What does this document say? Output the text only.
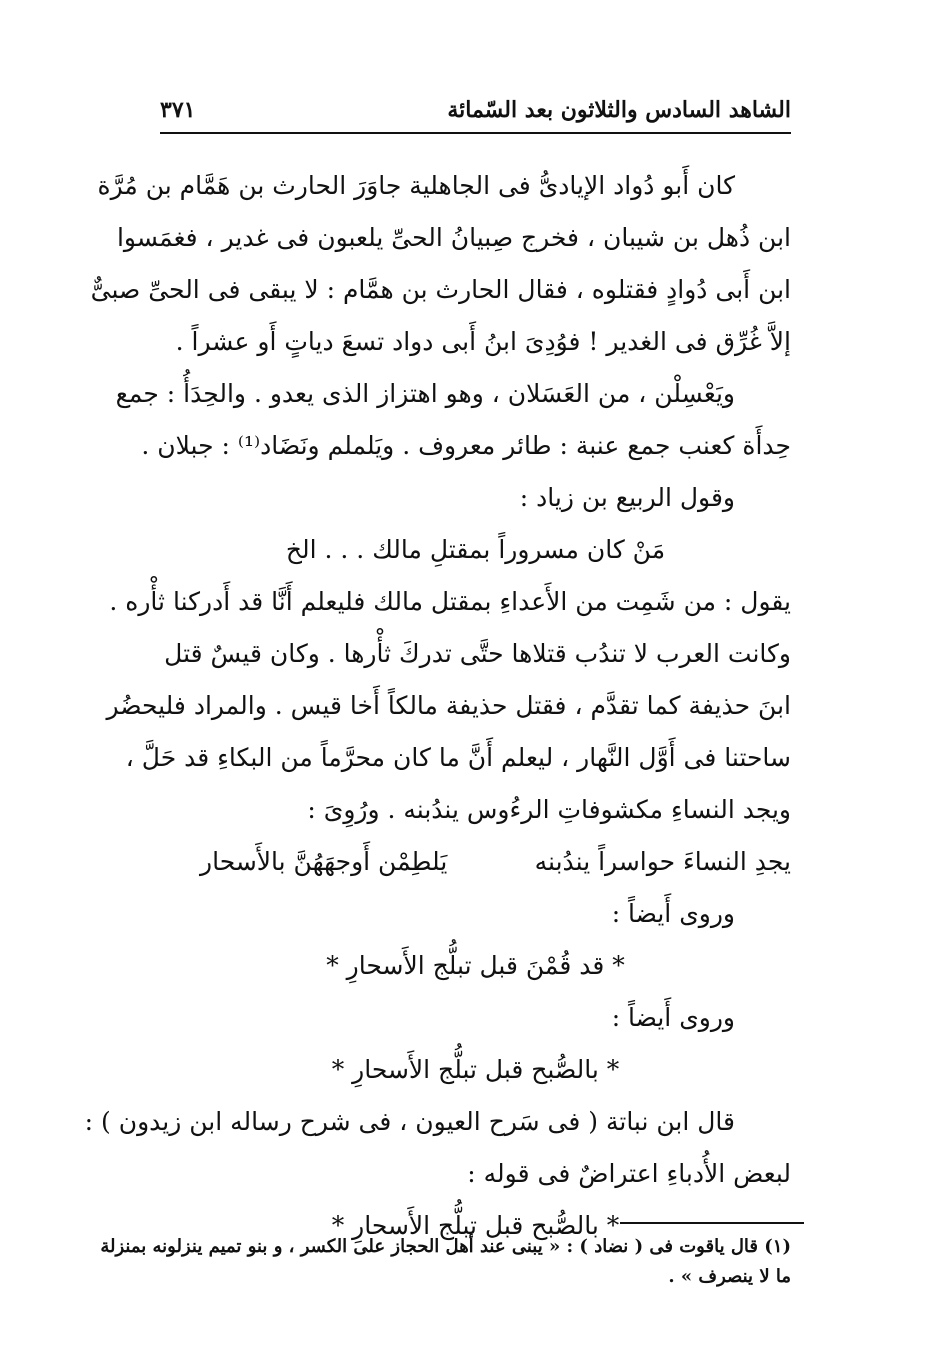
الشاهد السادس والثلاثون بعد السّمائة
٣٧١
كان أَبو دُواد الإيادىُّ فى الجاهلية جاوَرَ الحارث بن هَمَّام بن مُرَّة
ابن ذُهل بن شيبان ، فخرج صِبيانُ الحىِّ يلعبون فى غدير ، فغمَسوا
ابن أَبى دُوادٍ فقتلوه ، فقال الحارث بن همَّام : لا يبقى فى الحىِّ صبىٌّ
إلاَّ غُرِّق فى الغدير ! فوُدِىَ ابنُ أَبى دواد تسعَ دياتٍ أَو عشراً .
ويَعْسِلْن ، من العَسَلان ، وهو اهتزاز الذى يعدو . والحِدَأُ : جمع
حِدأَة كعنب جمع عنبة : طائر معروف . ويَلملم ونَضَاد⁽¹⁾ : جبلان .
وقول الربيع بن زياد :
مَنْ كان مسروراً بمقتلِ مالك . . . الخ
يقول : من شَمِت من الأَعداءِ بمقتل مالك فليعلم أَنَّا قد أَدركنا ثأْره .
وكانت العرب لا تندُب قتلاها حتَّى تدركَ ثأْرها . وكان قيسٌ قتل
ابنَ حذيفة كما تقدَّم ، فقتل حذيفة مالكاً أَخا قيس . والمراد فليحضُر
ساحتنا فى أَوَّل النَّهار ، ليعلم أَنَّ ما كان محرَّماً من البكاءِ قد حَلَّ ،
ويجد النساءِ مكشوفاتِ الرءُوس يندُبنه . ورُوِىَ :
يجدِ النساءَ حواسراً يندُبنه
يَلطِمْن أَوجهَهُنَّ بالأَسحار
وروى أَيضاً :
* قد قُمْنَ قبل تبلُّج الأَسحارِ *
وروى أَيضاً :
* بالصُّبح قبل تبلُّج الأَسحارِ *
قال ابن نباتة ( فى سَرح العيون ، فى شرح رساله ابن زيدون ) :
لبعض الأُدباءِ اعتراضٌ فى قوله :
* بالصُّبح قبل تبلُّج الأَسحارِ *
(١) قال ياقوت فى ( نضاد ) : « يبنى عند أهل الحجاز على الكسر ، و بنو تميم ينزلونه بمنزلة
ما لا ينصرف » .
